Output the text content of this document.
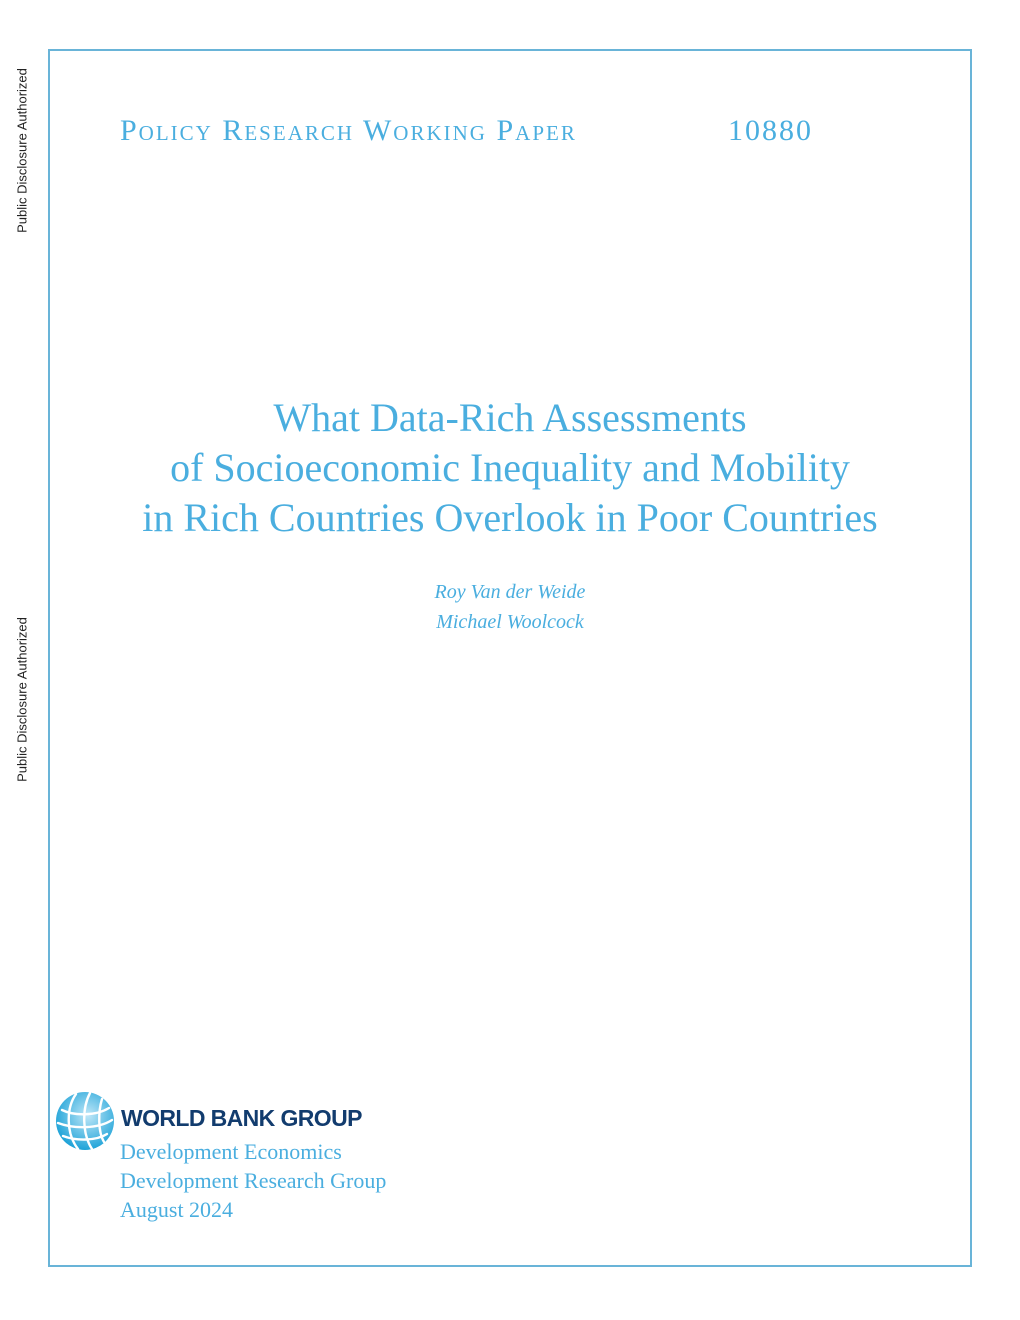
Public Disclosure Authorized
Public Disclosure Authorized
Policy Research Working Paper	10880
What Data-Rich Assessments
of Socioeconomic Inequality and Mobility
in Rich Countries Overlook in Poor Countries
Roy Van der Weide
Michael Woolcock
WORLD BANK GROUP
Development Economics
Development Research Group
August 2024
